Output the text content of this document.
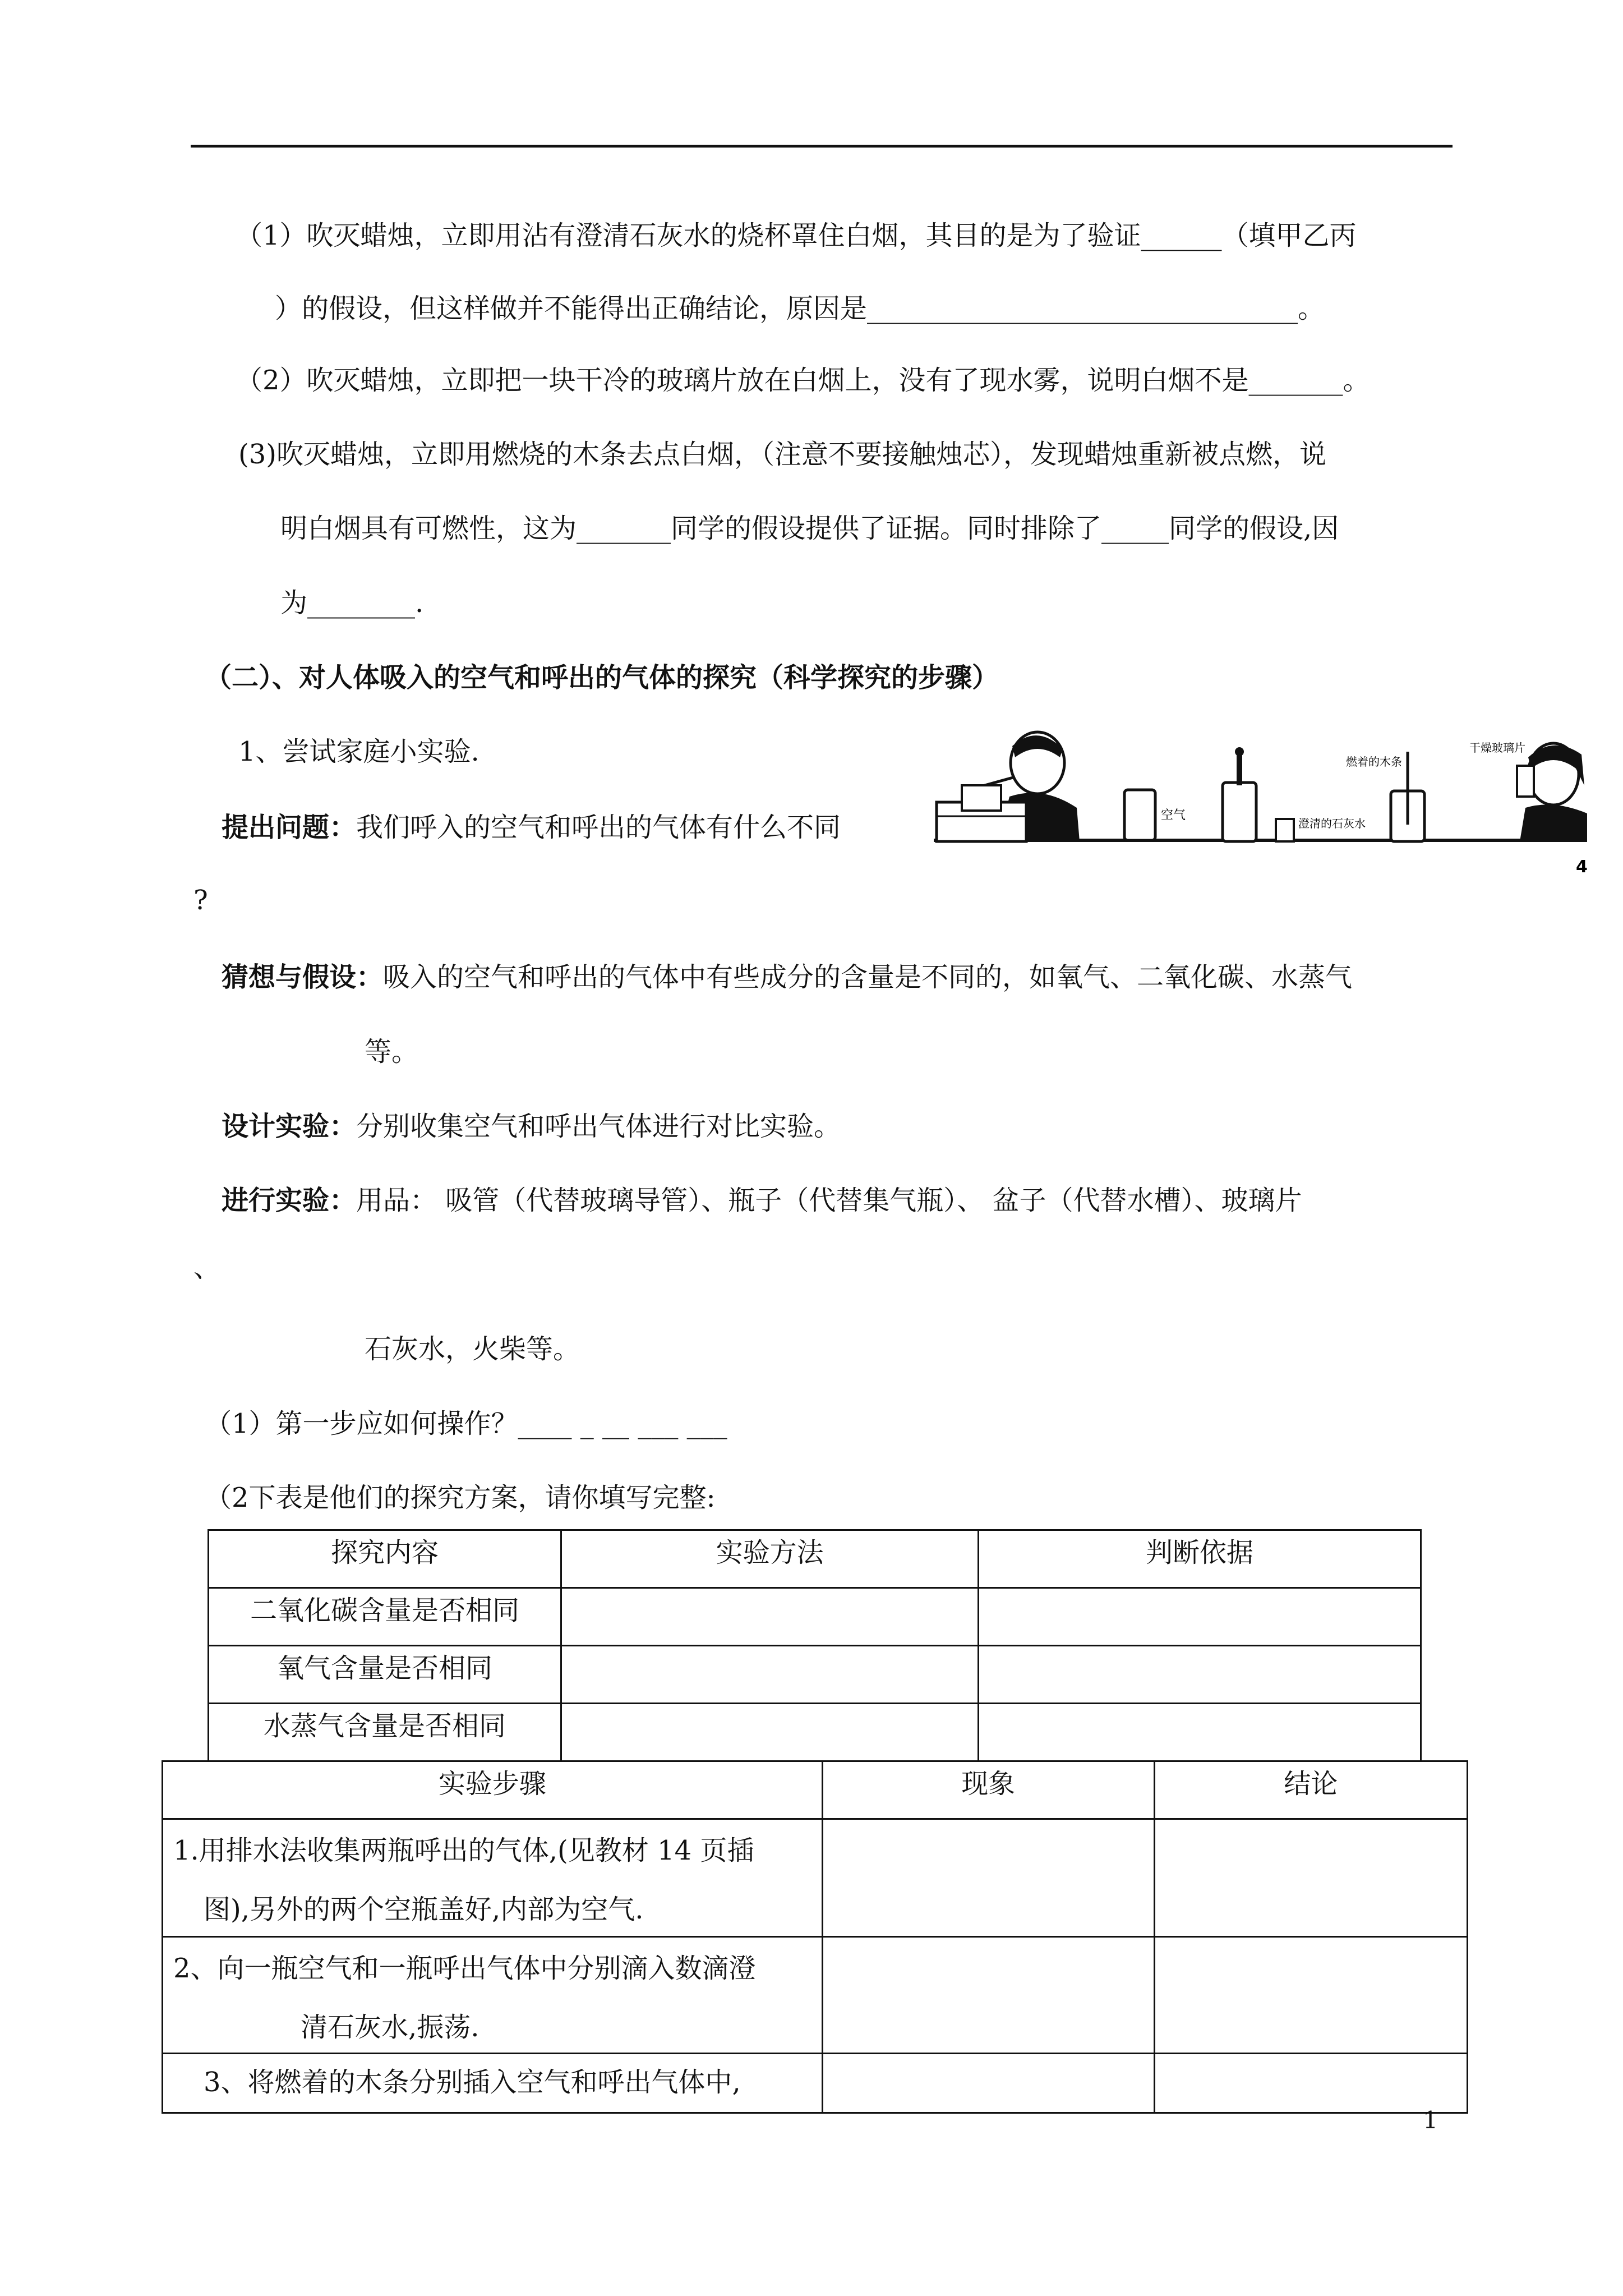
（1）吹灭蜡烛，立即用沾有澄清石灰水的烧杯罩住白烟，其目的是为了验证______（填甲乙丙
）的假设，但这样做并不能得出正确结论，原因是________________________________。
（2）吹灭蜡烛，立即把一块干冷的玻璃片放在白烟上，没有了现水雾，说明白烟不是_______。
(3)吹灭蜡烛，立即用燃烧的木条去点白烟，（注意不要接触烛芯），发现蜡烛重新被点燃，说
明白烟具有可燃性，这为_______同学的假设提供了证据。同时排除了_____同学的假设,因
为________.
（二）、对人体吸入的空气和呼出的气体的探究（科学探究的步骤）
1、尝试家庭小实验.
提出问题：我们呼入的空气和呼出的气体有什么不同
?
空气
澄清的石灰水
燃着的木条
干燥玻璃片
4
猜想与假设：吸入的空气和呼出的气体中有些成分的含量是不同的，如氧气、二氧化碳、水蒸气
等。
设计实验：分别收集空气和呼出气体进行对比实验。
进行实验：用品： 吸管（代替玻璃导管）、瓶子（代替集气瓶）、 盆子（代替水槽）、玻璃片
、
石灰水，火柴等。
（1）第一步应如何操作？____ _ __ ___ ___
（2下表是他们的探究方案，请你填写完整:
探究内容	实验方法	判断依据
二氧化碳含量是否相同		
氧气含量是否相同		
水蒸气含量是否相同		
实验步骤	现象	结论

1.用排水法收集两瓶呼出的气体,(见教材 14 页插
图),另外的两个空瓶盖好,内部为空气.		

2、向一瓶空气和一瓶呼出气体中分别滴入数滴澄
清石灰水,振荡.		

3、将燃着的木条分别插入空气和呼出气体中,		

1
